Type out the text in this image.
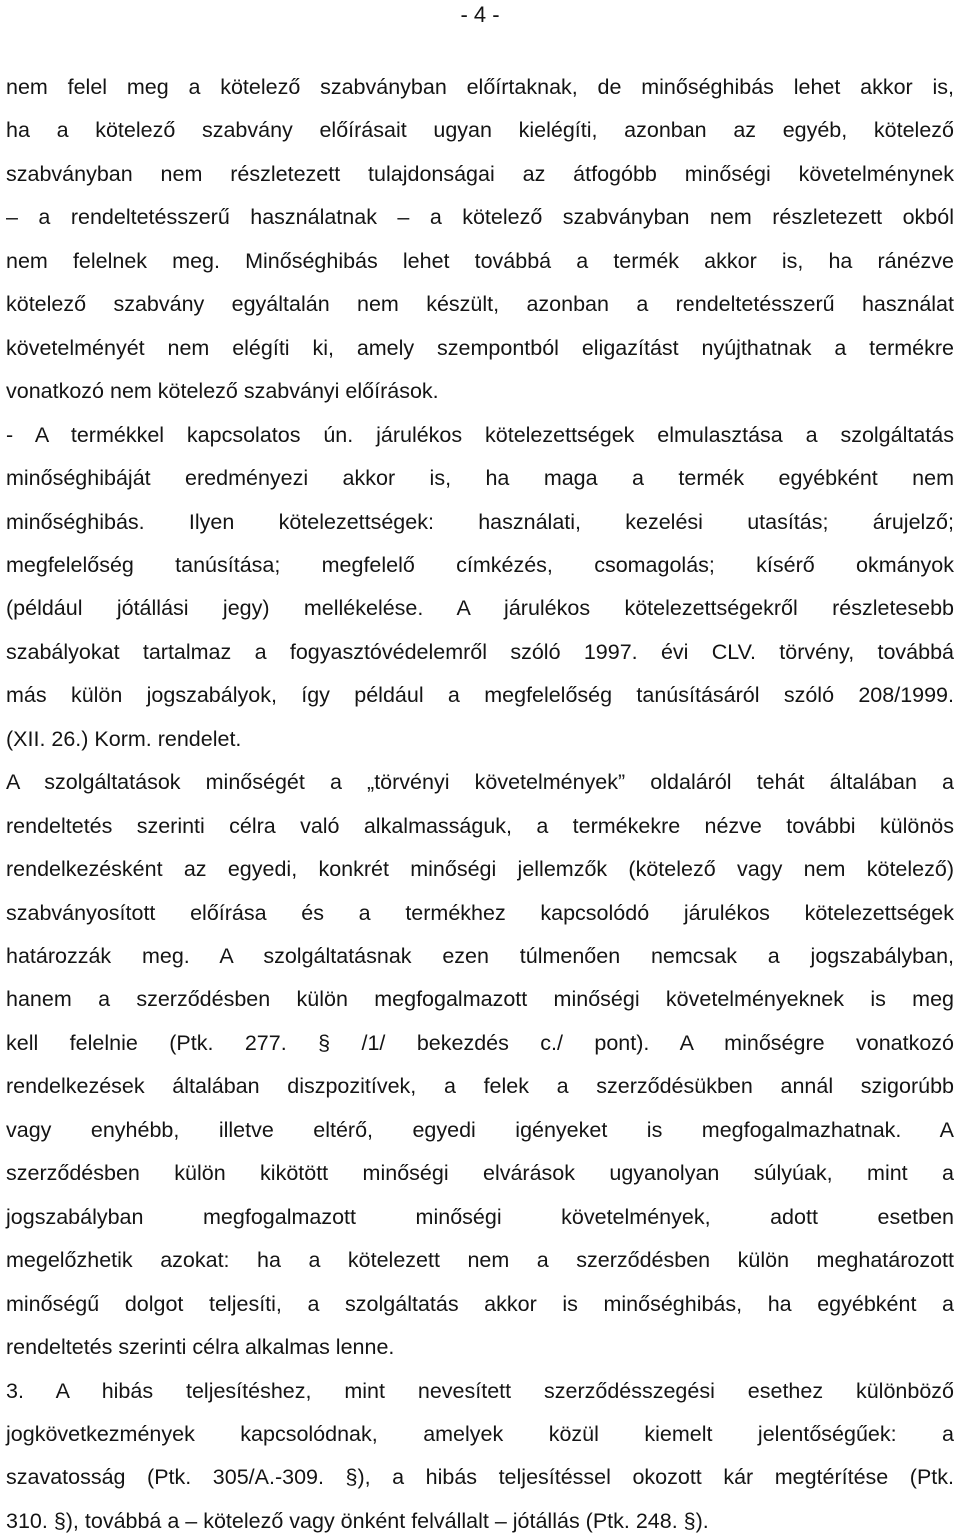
- 4 -
nem felel meg a kötelező szabványban előírtaknak, de minőséghibás lehet akkor is,
ha a kötelező szabvány előírásait ugyan kielégíti, azonban az egyéb, kötelező
szabványban nem részletezett tulajdonságai az átfogóbb minőségi követelménynek
– a rendeltetésszerű használatnak – a kötelező szabványban nem részletezett okból
nem felelnek meg. Minőséghibás lehet továbbá a termék akkor is, ha ránézve
kötelező szabvány egyáltalán nem készült, azonban a rendeltetésszerű használat
követelményét nem elégíti ki, amely szempontból eligazítást nyújthatnak a termékre
vonatkozó nem kötelező szabványi előírások.
- A termékkel kapcsolatos ún. járulékos kötelezettségek elmulasztása a szolgáltatás
minőséghibáját eredményezi akkor is, ha maga a termék egyébként nem
minőséghibás. Ilyen kötelezettségek: használati, kezelési utasítás; árujelző;
megfelelőség tanúsítása; megfelelő címkézés, csomagolás; kísérő okmányok
(például jótállási jegy) mellékelése. A járulékos kötelezettségekről részletesebb
szabályokat tartalmaz a fogyasztóvédelemről szóló 1997. évi CLV. törvény, továbbá
más külön jogszabályok, így például a megfelelőség tanúsításáról szóló 208/1999.
(XII. 26.) Korm. rendelet.
A szolgáltatások minőségét a „törvényi követelmények” oldaláról tehát általában a
rendeltetés szerinti célra való alkalmasságuk, a termékekre nézve további különös
rendelkezésként az egyedi, konkrét minőségi jellemzők (kötelező vagy nem kötelező)
szabványosított előírása és a termékhez kapcsolódó járulékos kötelezettségek
határozzák meg. A szolgáltatásnak ezen túlmenően nemcsak a jogszabályban,
hanem a szerződésben külön megfogalmazott minőségi követelményeknek is meg
kell felelnie (Ptk. 277. § /1/ bekezdés c./ pont). A minőségre vonatkozó
rendelkezések általában diszpozitívek, a felek a szerződésükben annál szigorúbb
vagy enyhébb, illetve eltérő, egyedi igényeket is megfogalmazhatnak. A
szerződésben külön kikötött minőségi elvárások ugyanolyan súlyúak, mint a
jogszabályban megfogalmazott minőségi követelmények, adott esetben
megelőzhetik azokat: ha a kötelezett nem a szerződésben külön meghatározott
minőségű dolgot teljesíti, a szolgáltatás akkor is minőséghibás, ha egyébként a
rendeltetés szerinti célra alkalmas lenne.
3. A hibás teljesítéshez, mint nevesített szerződésszegési esethez különböző
jogkövetkezmények kapcsolódnak, amelyek közül kiemelt jelentőségűek: a
szavatosság (Ptk. 305/A.-309. §), a hibás teljesítéssel okozott kár megtérítése (Ptk.
310. §), továbbá a – kötelező vagy önként felvállalt – jótállás (Ptk. 248. §).
